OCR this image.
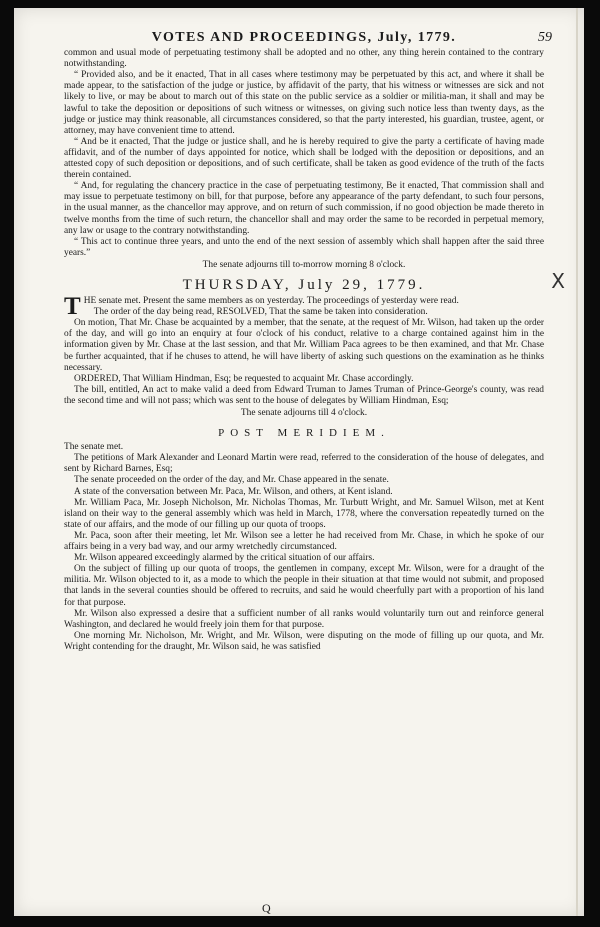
VOTES AND PROCEEDINGS, July, 1779.	59

common and usual mode of perpetuating testimony shall be adopted and no other, any thing herein contained to the contrary notwithstanding.

“ Provided also, and be it enacted, That in all cases where testimony may be perpetuated by this act, and where it shall be made appear, to the satisfaction of the judge or justice, by affidavit of the party, that his witness or witnesses are sick and not likely to live, or may be about to march out of this state on the public service as a soldier or militia-man, it shall and may be lawful to take the deposition or depositions of such witness or witnesses, on giving such notice less than twenty days, as the judge or justice may think reasonable, all circumstances considered, so that the party interested, his guardian, trustee, agent, or attorney, may have convenient time to attend.

“ And be it enacted, That the judge or justice shall, and he is hereby required to give the party a certificate of having made affidavit, and of the number of days appointed for notice, which shall be lodged with the deposition or depositions, and an attested copy of such deposition or depositions, and of such certificate, shall be taken as good evidence of the truth of the facts therein contained.

“ And, for regulating the chancery practice in the case of perpetuating testimony, Be it enacted, That commission shall and may issue to perpetuate testimony on bill, for that purpose, before any appearance of the party defendant, to such four persons, in the usual manner, as the chancellor may approve, and on return of such commission, if no good objection be made thereto in twelve months from the time of such return, the chancellor shall and may order the same to be recorded in perpetual memory, any law or usage to the contrary notwithstanding.

“ This act to continue three years, and unto the end of the next session of assembly which shall happen after the said three years.”

The senate adjourns till to-morrow morning 8 o'clock.

THURSDAY, July 29, 1779.	X

THE senate met. Present the same members as on yesterday. The proceedings of yesterday were read.

The order of the day being read, RESOLVED, That the same be taken into consideration.

On motion, That Mr. Chase be acquainted by a member, that the senate, at the request of Mr. Wilson, had taken up the order of the day, and will go into an enquiry at four o'clock of his conduct, relative to a charge contained against him in the information given by Mr. Chase at the last session, and that Mr. William Paca agrees to be then examined, and that Mr. Chase be further acquainted, that if he chuses to attend, he will have liberty of asking such questions on the examination as he thinks necessary.

ORDERED, That William Hindman, Esq; be requested to acquaint Mr. Chase accordingly.

The bill, entitled, An act to make valid a deed from Edward Truman to James Truman of Prince-George's county, was read the second time and will not pass; which was sent to the house of delegates by William Hindman, Esq;

The senate adjourns till 4 o'clock.

POST MERIDIEM.

The senate met.

The petitions of Mark Alexander and Leonard Martin were read, referred to the consideration of the house of delegates, and sent by Richard Barnes, Esq;

The senate proceeded on the order of the day, and Mr. Chase appeared in the senate.

A state of the conversation between Mr. Paca, Mr. Wilson, and others, at Kent island.

Mr. William Paca, Mr. Joseph Nicholson, Mr. Nicholas Thomas, Mr. Turbutt Wright, and Mr. Samuel Wilson, met at Kent island on their way to the general assembly which was held in March, 1778, where the conversation repeatedly turned on the state of our affairs, and the mode of our filling up our quota of troops.

Mr. Paca, soon after their meeting, let Mr. Wilson see a letter he had received from Mr. Chase, in which he spoke of our affairs being in a very bad way, and our army wretchedly circumstanced.

Mr. Wilson appeared exceedingly alarmed by the critical situation of our affairs.

On the subject of filling up our quota of troops, the gentlemen in company, except Mr. Wilson, were for a draught of the militia. Mr. Wilson objected to it, as a mode to which the people in their situation at that time would not submit, and proposed that lands in the several counties should be offered to recruits, and said he would cheerfully part with a proportion of his land for that purpose.

Mr. Wilson also expressed a desire that a sufficient number of all ranks would voluntarily turn out and reinforce general Washington, and declared he would freely join them for that purpose.

One morning Mr. Nicholson, Mr. Wright, and Mr. Wilson, were disputing on the mode of filling up our quota, and Mr. Wright contending for the draught, Mr. Wilson said, he was satisfied

Q
